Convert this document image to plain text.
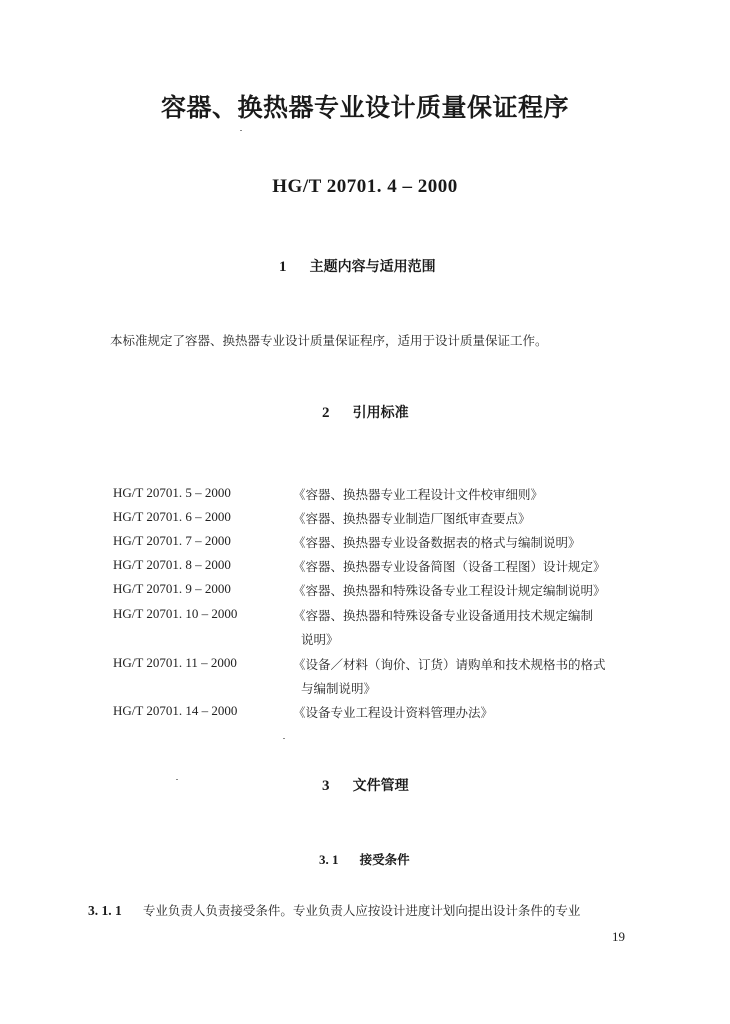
容器、换热器专业设计质量保证程序
HG/T 20701. 4 – 2000
1 主题内容与适用范围
本标准规定了容器、换热器专业设计质量保证程序，适用于设计质量保证工作。
2 引用标准
HG/T 20701. 5 – 2000	《容器、换热器专业工程设计文件校审细则》
HG/T 20701. 6 – 2000	《容器、换热器专业制造厂图纸审查要点》
HG/T 20701. 7 – 2000	《容器、换热器专业设备数据表的格式与编制说明》
HG/T 20701. 8 – 2000	《容器、换热器专业设备简图（设备工程图）设计规定》
HG/T 20701. 9 – 2000	《容器、换热器和特殊设备专业工程设计规定编制说明》
HG/T 20701. 10 – 2000	《容器、换热器和特殊设备专业设备通用技术规定编制
说明》
HG/T 20701. 11 – 2000	《设备／材料（询价、订货）请购单和技术规格书的格式
与编制说明》
HG/T 20701. 14 – 2000	《设备专业工程设计资料管理办法》
3 文件管理
3. 1 接受条件
3. 1. 1 专业负责人负责接受条件。专业负责人应按设计进度计划向提出设计条件的专业
19
